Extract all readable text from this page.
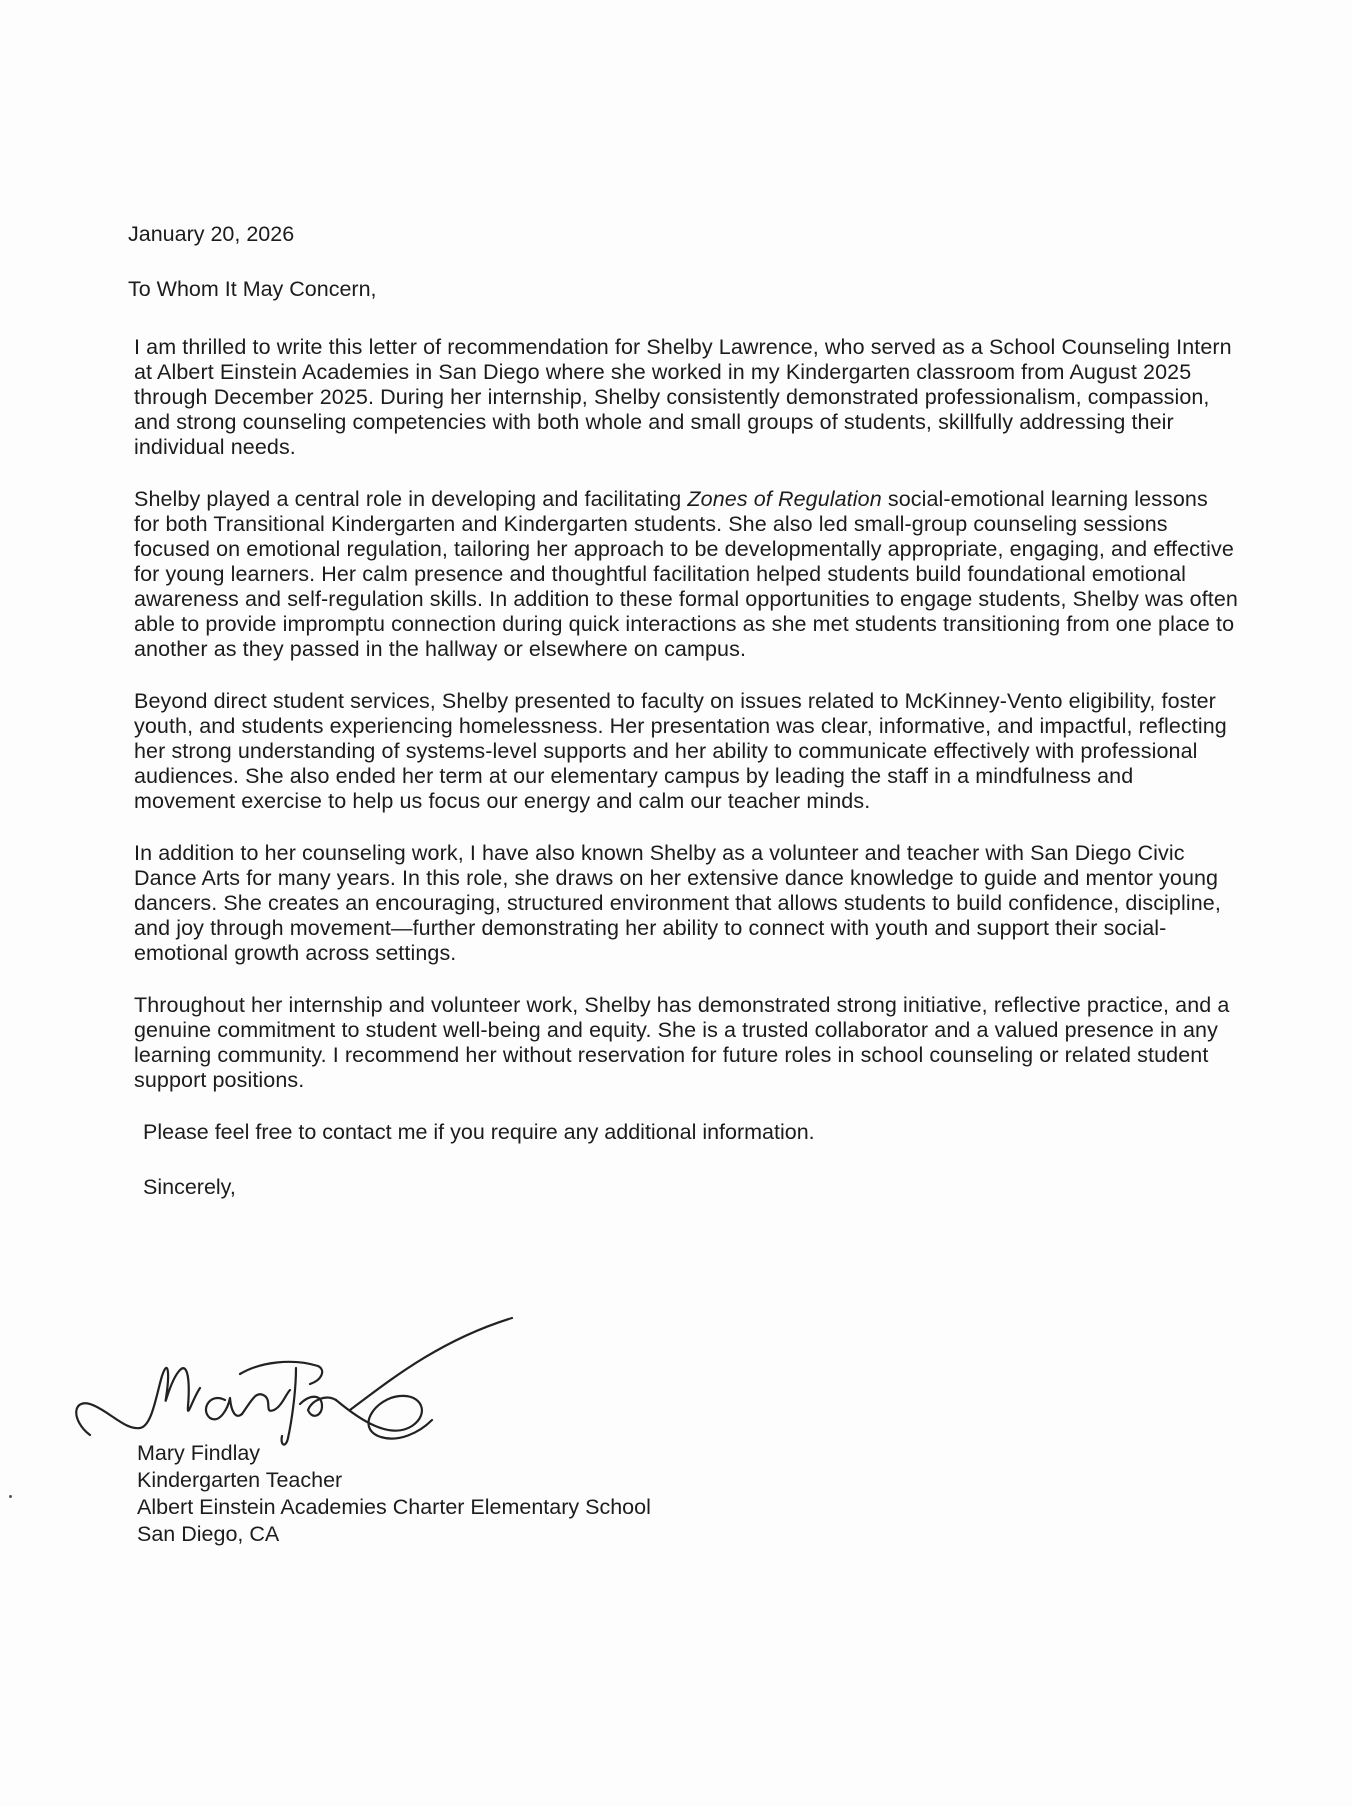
January 20, 2026

To Whom It May Concern,

I am thrilled to write this letter of recommendation for Shelby Lawrence, who served as a School Counseling Intern at Albert Einstein Academies in San Diego where she worked in my Kindergarten classroom from August 2025 through December 2025. During her internship, Shelby consistently demonstrated professionalism, compassion, and strong counseling competencies with both whole and small groups of students, skillfully addressing their individual needs.

Shelby played a central role in developing and facilitating Zones of Regulation social-emotional learning lessons for both Transitional Kindergarten and Kindergarten students. She also led small-group counseling sessions focused on emotional regulation, tailoring her approach to be developmentally appropriate, engaging, and effective for young learners. Her calm presence and thoughtful facilitation helped students build foundational emotional awareness and self-regulation skills. In addition to these formal opportunities to engage students, Shelby was often able to provide impromptu connection during quick interactions as she met students transitioning from one place to another as they passed in the hallway or elsewhere on campus.

Beyond direct student services, Shelby presented to faculty on issues related to McKinney-Vento eligibility, foster youth, and students experiencing homelessness. Her presentation was clear, informative, and impactful, reflecting her strong understanding of systems-level supports and her ability to communicate effectively with professional audiences. She also ended her term at our elementary campus by leading the staff in a mindfulness and movement exercise to help us focus our energy and calm our teacher minds.

In addition to her counseling work, I have also known Shelby as a volunteer and teacher with San Diego Civic Dance Arts for many years. In this role, she draws on her extensive dance knowledge to guide and mentor young dancers. She creates an encouraging, structured environment that allows students to build confidence, discipline, and joy through movement—further demonstrating her ability to connect with youth and support their social-emotional growth across settings.

Throughout her internship and volunteer work, Shelby has demonstrated strong initiative, reflective practice, and a genuine commitment to student well-being and equity. She is a trusted collaborator and a valued presence in any learning community. I recommend her without reservation for future roles in school counseling or related student support positions.

Please feel free to contact me if you require any additional information.

Sincerely,

Mary Findlay
Kindergarten Teacher
Albert Einstein Academies Charter Elementary School
San Diego, CA
